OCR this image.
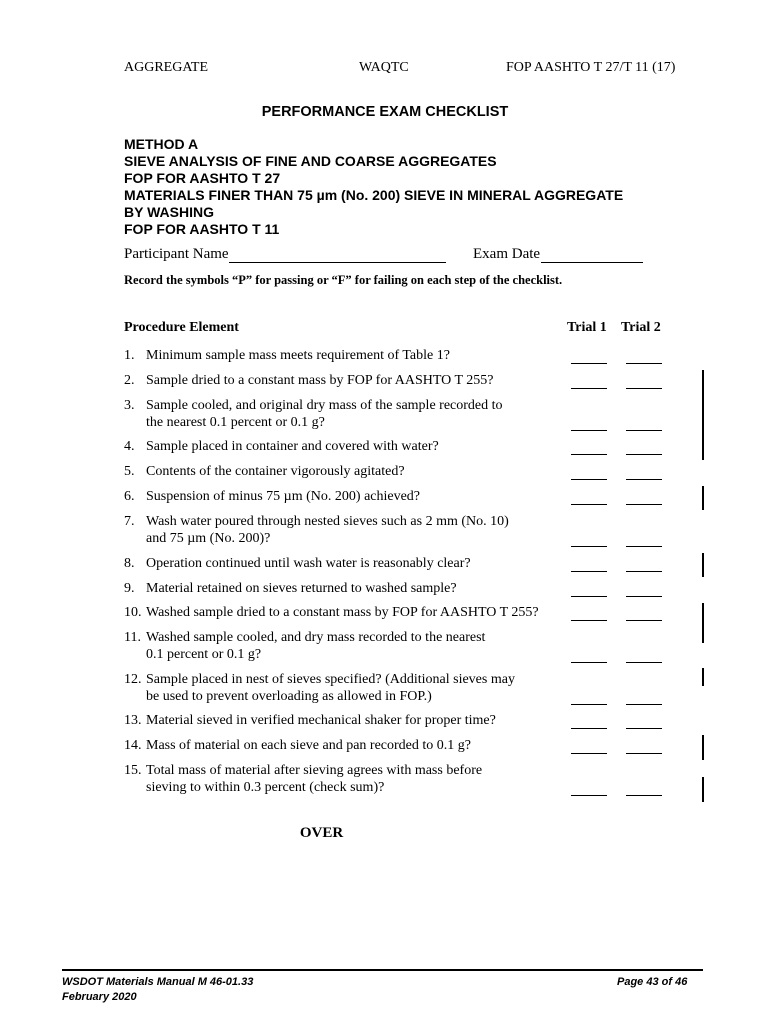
AGGREGATE	WAQTC	FOP AASHTO T 27/T 11 (17)
PERFORMANCE EXAM CHECKLIST
METHOD A
SIEVE ANALYSIS OF FINE AND COARSE AGGREGATES
FOP FOR AASHTO T 27
MATERIALS FINER THAN 75 µm (No. 200) SIEVE IN MINERAL AGGREGATE
BY WASHING
FOP FOR AASHTO T 11
Participant Name	Exam Date
Record the symbols “P” for passing or “F” for failing on each step of the checklist.
Procedure Element	Trial 1 Trial 2
1. Minimum sample mass meets requirement of Table 1?
2. Sample dried to a constant mass by FOP for AASHTO T 255?
3. Sample cooled, and original dry mass of the sample recorded to
the nearest 0.1 percent or 0.1 g?
4. Sample placed in container and covered with water?
5. Contents of the container vigorously agitated?
6. Suspension of minus 75 µm (No. 200) achieved?
7. Wash water poured through nested sieves such as 2 mm (No. 10)
and 75 µm (No. 200)?
8. Operation continued until wash water is reasonably clear?
9. Material retained on sieves returned to washed sample?
10. Washed sample dried to a constant mass by FOP for AASHTO T 255?
11. Washed sample cooled, and dry mass recorded to the nearest
0.1 percent or 0.1 g?
12. Sample placed in nest of sieves specified? (Additional sieves may
be used to prevent overloading as allowed in FOP.)
13. Material sieved in verified mechanical shaker for proper time?
14. Mass of material on each sieve and pan recorded to 0.1 g?
15. Total mass of material after sieving agrees with mass before
sieving to within 0.3 percent (check sum)?
OVER
WSDOT Materials Manual M 46-01.33
February 2020
Page 43 of 46
